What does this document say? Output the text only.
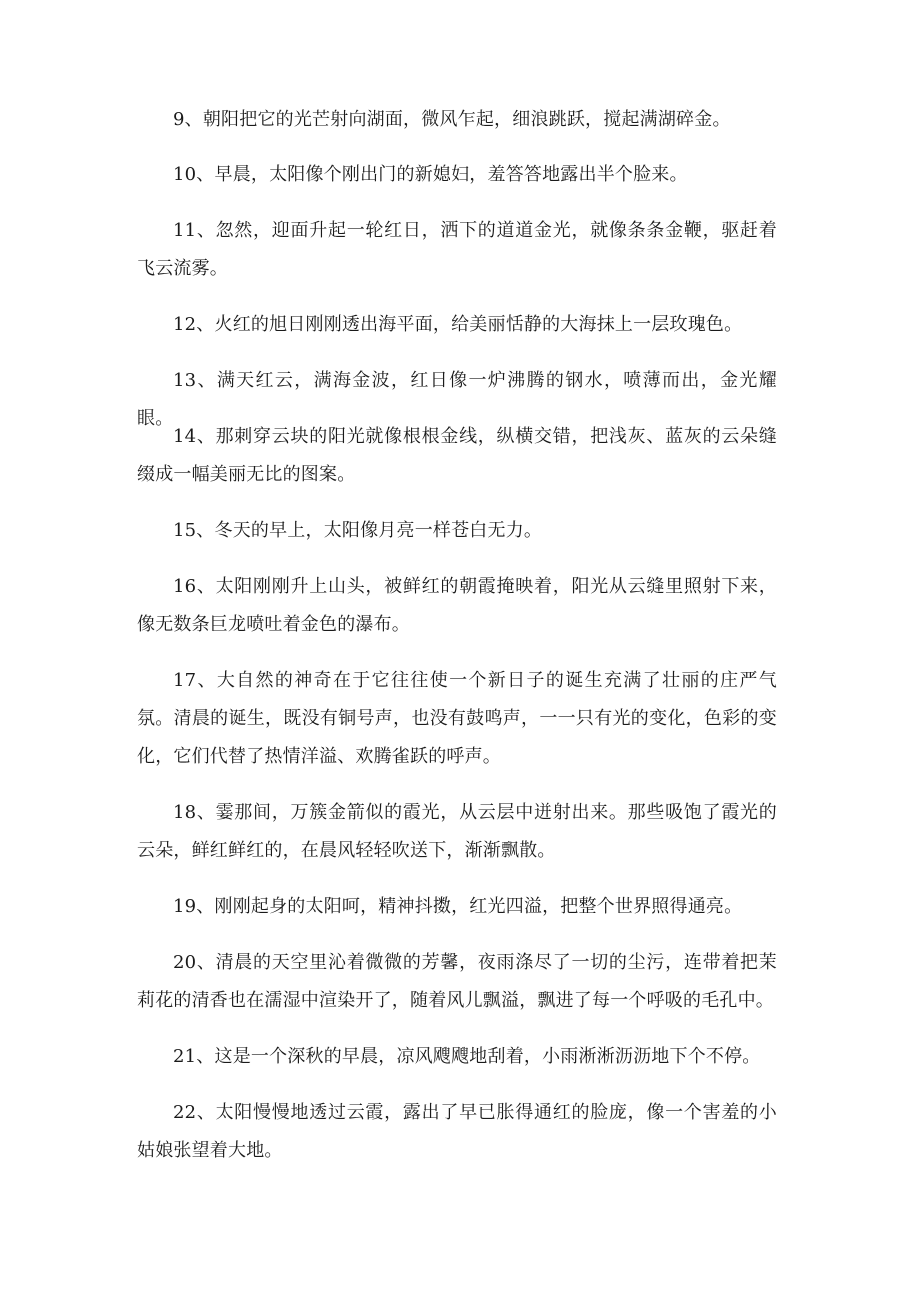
9、朝阳把它的光芒射向湖面，微风乍起，细浪跳跃，搅起满湖碎金。

10、早晨，太阳像个刚出门的新媳妇，羞答答地露出半个脸来。

11、忽然，迎面升起一轮红日，洒下的道道金光，就像条条金鞭，驱赶着飞云流雾。

12、火红的旭日刚刚透出海平面，给美丽恬静的大海抹上一层玫瑰色。

13、满天红云，满海金波，红日像一炉沸腾的钢水，喷薄而出，金光耀眼。

14、那刺穿云块的阳光就像根根金线，纵横交错，把浅灰、蓝灰的云朵缝缀成一幅美丽无比的图案。

15、冬天的早上，太阳像月亮一样苍白无力。

16、太阳刚刚升上山头，被鲜红的朝霞掩映着，阳光从云缝里照射下来，像无数条巨龙喷吐着金色的瀑布。

17、大自然的神奇在于它往往使一个新日子的诞生充满了壮丽的庄严气氛。清晨的诞生，既没有铜号声，也没有鼓鸣声，一一只有光的变化，色彩的变化，它们代替了热情洋溢、欢腾雀跃的呼声。

18、霎那间，万簇金箭似的霞光，从云层中迸射出来。那些吸饱了霞光的云朵，鲜红鲜红的，在晨风轻轻吹送下，渐渐飘散。

19、刚刚起身的太阳呵，精神抖擞，红光四溢，把整个世界照得通亮。

20、清晨的天空里沁着微微的芳馨，夜雨涤尽了一切的尘污，连带着把茉莉花的清香也在濡湿中渲染开了，随着风儿飘溢，飘进了每一个呼吸的毛孔中。

21、这是一个深秋的早晨，凉风飕飕地刮着，小雨淅淅沥沥地下个不停。

22、太阳慢慢地透过云霞，露出了早已胀得通红的脸庞，像一个害羞的小姑娘张望着大地。
